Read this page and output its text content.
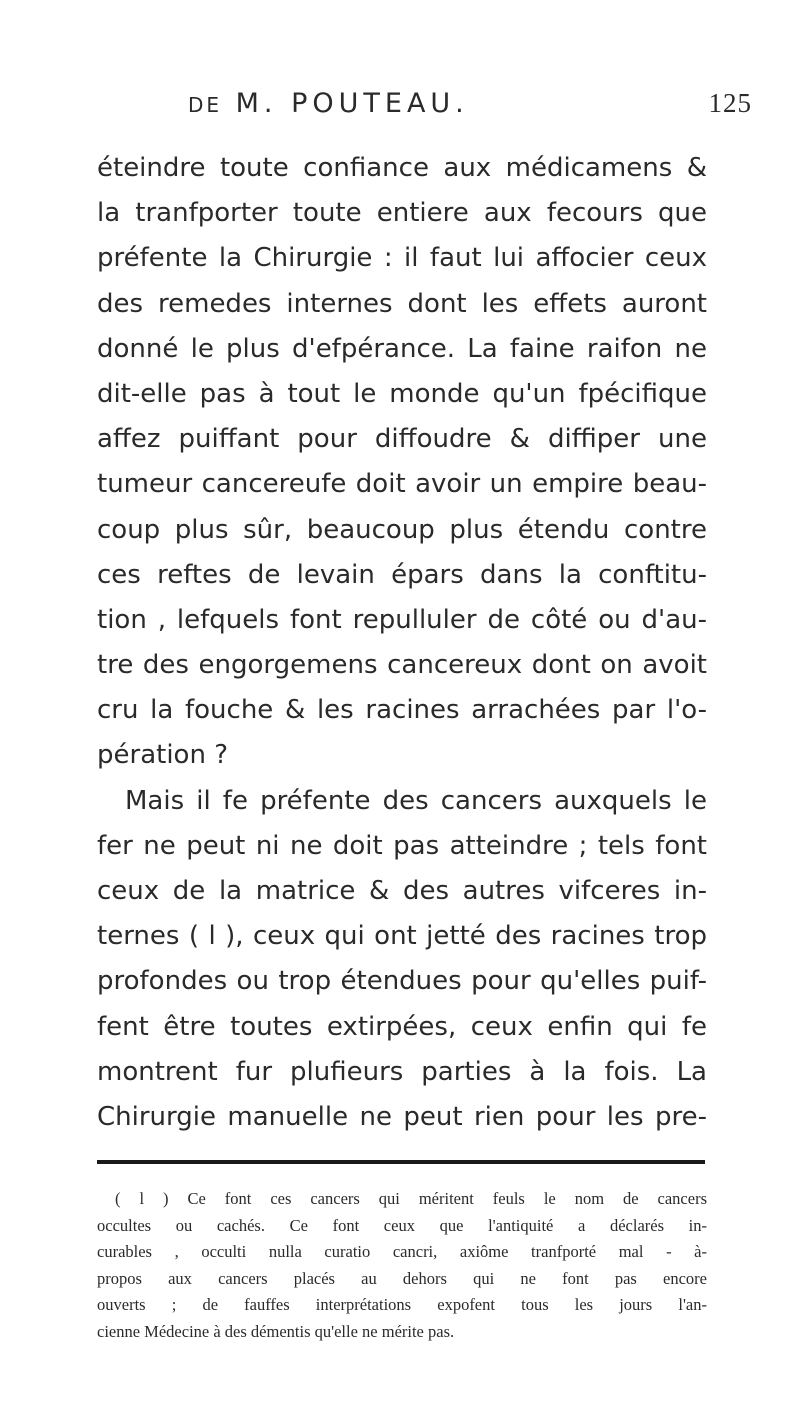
DE M. POUTEAU.	125
éteindre toute confiance aux médicamens &
la tranfporter toute entiere aux fecours que
préfente la Chirurgie : il faut lui affocier ceux
des remedes internes dont les effets auront
donné le plus d'efpérance. La faine raifon ne
dit-elle pas à tout le monde qu'un fpécifique
affez puiffant pour diffoudre & diffiper une
tumeur cancereufe doit avoir un empire beau-
coup plus sûr, beaucoup plus étendu contre
ces reftes de levain épars dans la conftitu-
tion , lefquels font repulluler de côté ou d'au-
tre des engorgemens cancereux dont on avoit
cru la fouche & les racines arrachées par l'o-
pération ?
Mais il fe préfente des cancers auxquels le
fer ne peut ni ne doit pas atteindre ; tels font
ceux de la matrice & des autres vifceres in-
ternes ( l ), ceux qui ont jetté des racines trop
profondes ou trop étendues pour qu'elles puif-
fent être toutes extirpées, ceux enfin qui fe
montrent fur plufieurs parties à la fois. La
Chirurgie manuelle ne peut rien pour les pre-
( l ) Ce font ces cancers qui méritent feuls le nom de cancers
occultes ou cachés. Ce font ceux que l'antiquité a déclarés in-
curables , occulti nulla curatio cancri, axiôme tranfporté mal - à-
propos aux cancers placés au dehors qui ne font pas encore
ouverts ; de fauffes interprétations expofent tous les jours l'an-
cienne Médecine à des démentis qu'elle ne mérite pas.
